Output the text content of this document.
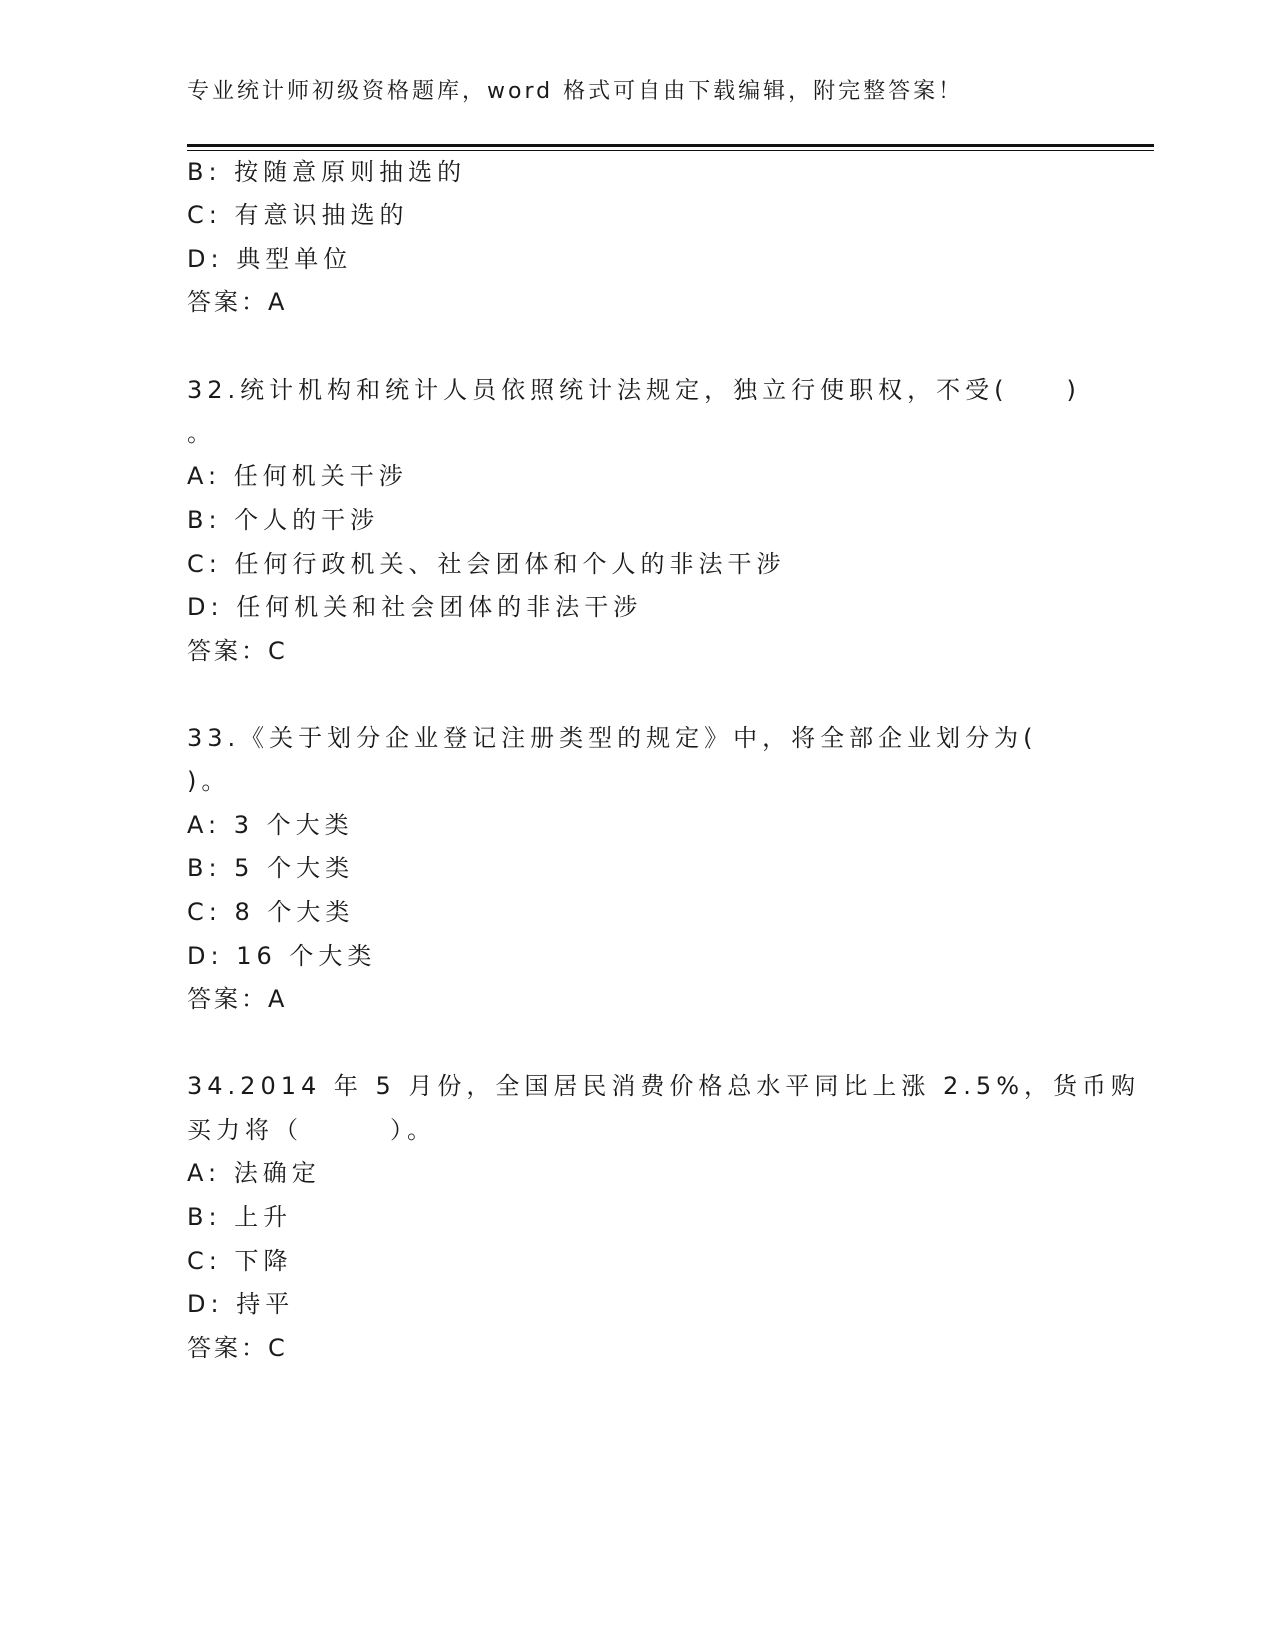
专业统计师初级资格题库，word 格式可自由下载编辑，附完整答案！
B: 按随意原则抽选的
C: 有意识抽选的
D: 典型单位
答案：A
32.统计机构和统计人员依照统计法规定，独立行使职权，不受(　　)
。
A: 任何机关干涉
B: 个人的干涉
C: 任何行政机关、社会团体和个人的非法干涉
D: 任何机关和社会团体的非法干涉
答案：C
33.《关于划分企业登记注册类型的规定》中，将全部企业划分为(
)。
A: 3 个大类
B: 5 个大类
C: 8 个大类
D: 16 个大类
答案：A
34.2014 年 5 月份，全国居民消费价格总水平同比上涨 2.5%，货币购
买力将（　　　）。
A: 法确定
B: 上升
C: 下降
D: 持平
答案：C
